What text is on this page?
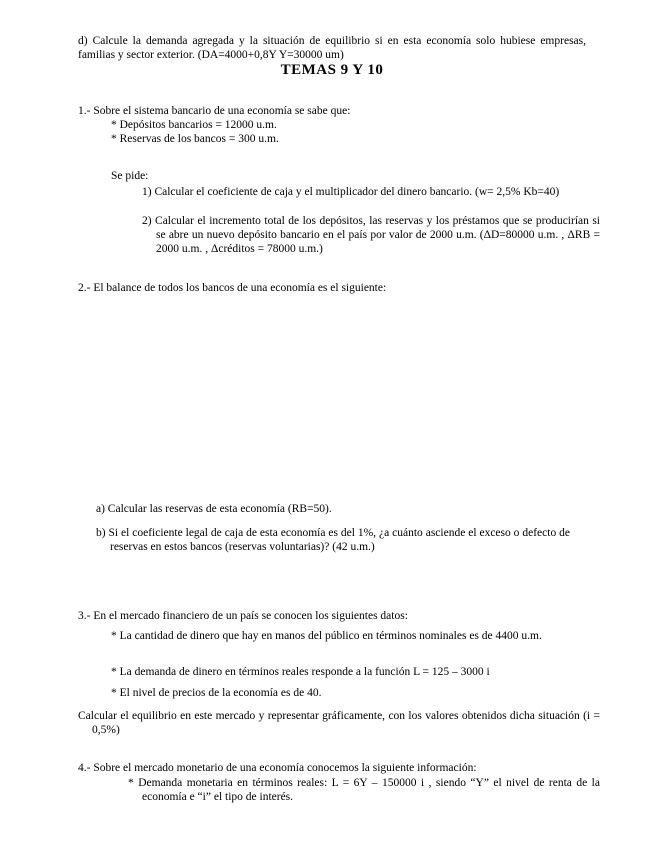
d) Calcule la demanda agregada y la situación de equilibrio si en esta economía solo hubiese empresas, familias y sector exterior. (DA=4000+0,8Y Y=30000 um)
TEMAS 9 Y 10
1.- Sobre el sistema bancario de una economía se sabe que:
* Depósitos bancarios = 12000 u.m.
* Reservas de los bancos = 300 u.m.
Se pide:
1) Calcular el coeficiente de caja y el multiplicador del dinero bancario. (w= 2,5% Kb=40)
2) Calcular el incremento total de los depósitos, las reservas y los préstamos que se producirían si se abre un nuevo depósito bancario en el país por valor de 2000 u.m. (ΔD=80000 u.m. , ΔRB = 2000 u.m. , Δcréditos = 78000 u.m.)
2.- El balance de todos los bancos de una economía es el siguiente:
a) Calcular las reservas de esta economía (RB=50).
b) Si el coeficiente legal de caja de esta economía es del 1%, ¿a cuánto asciende el exceso o defecto de reservas en estos bancos (reservas voluntarias)? (42 u.m.)
3.- En el mercado financiero de un país se conocen los siguientes datos:
* La cantidad de dinero que hay en manos del público en términos nominales es de 4400 u.m.
* La demanda de dinero en términos reales responde a la función L = 125 – 3000 i
* El nivel de precios de la economía es de 40.
Calcular el equilibrio en este mercado y representar gráficamente, con los valores obtenidos dicha situación (i = 0,5%)
4.- Sobre el mercado monetario de una economía conocemos la siguiente información:
* Demanda monetaria en términos reales: L = 6Y – 150000 i , siendo “Y” el nivel de renta de la economía e “i” el tipo de interés.
